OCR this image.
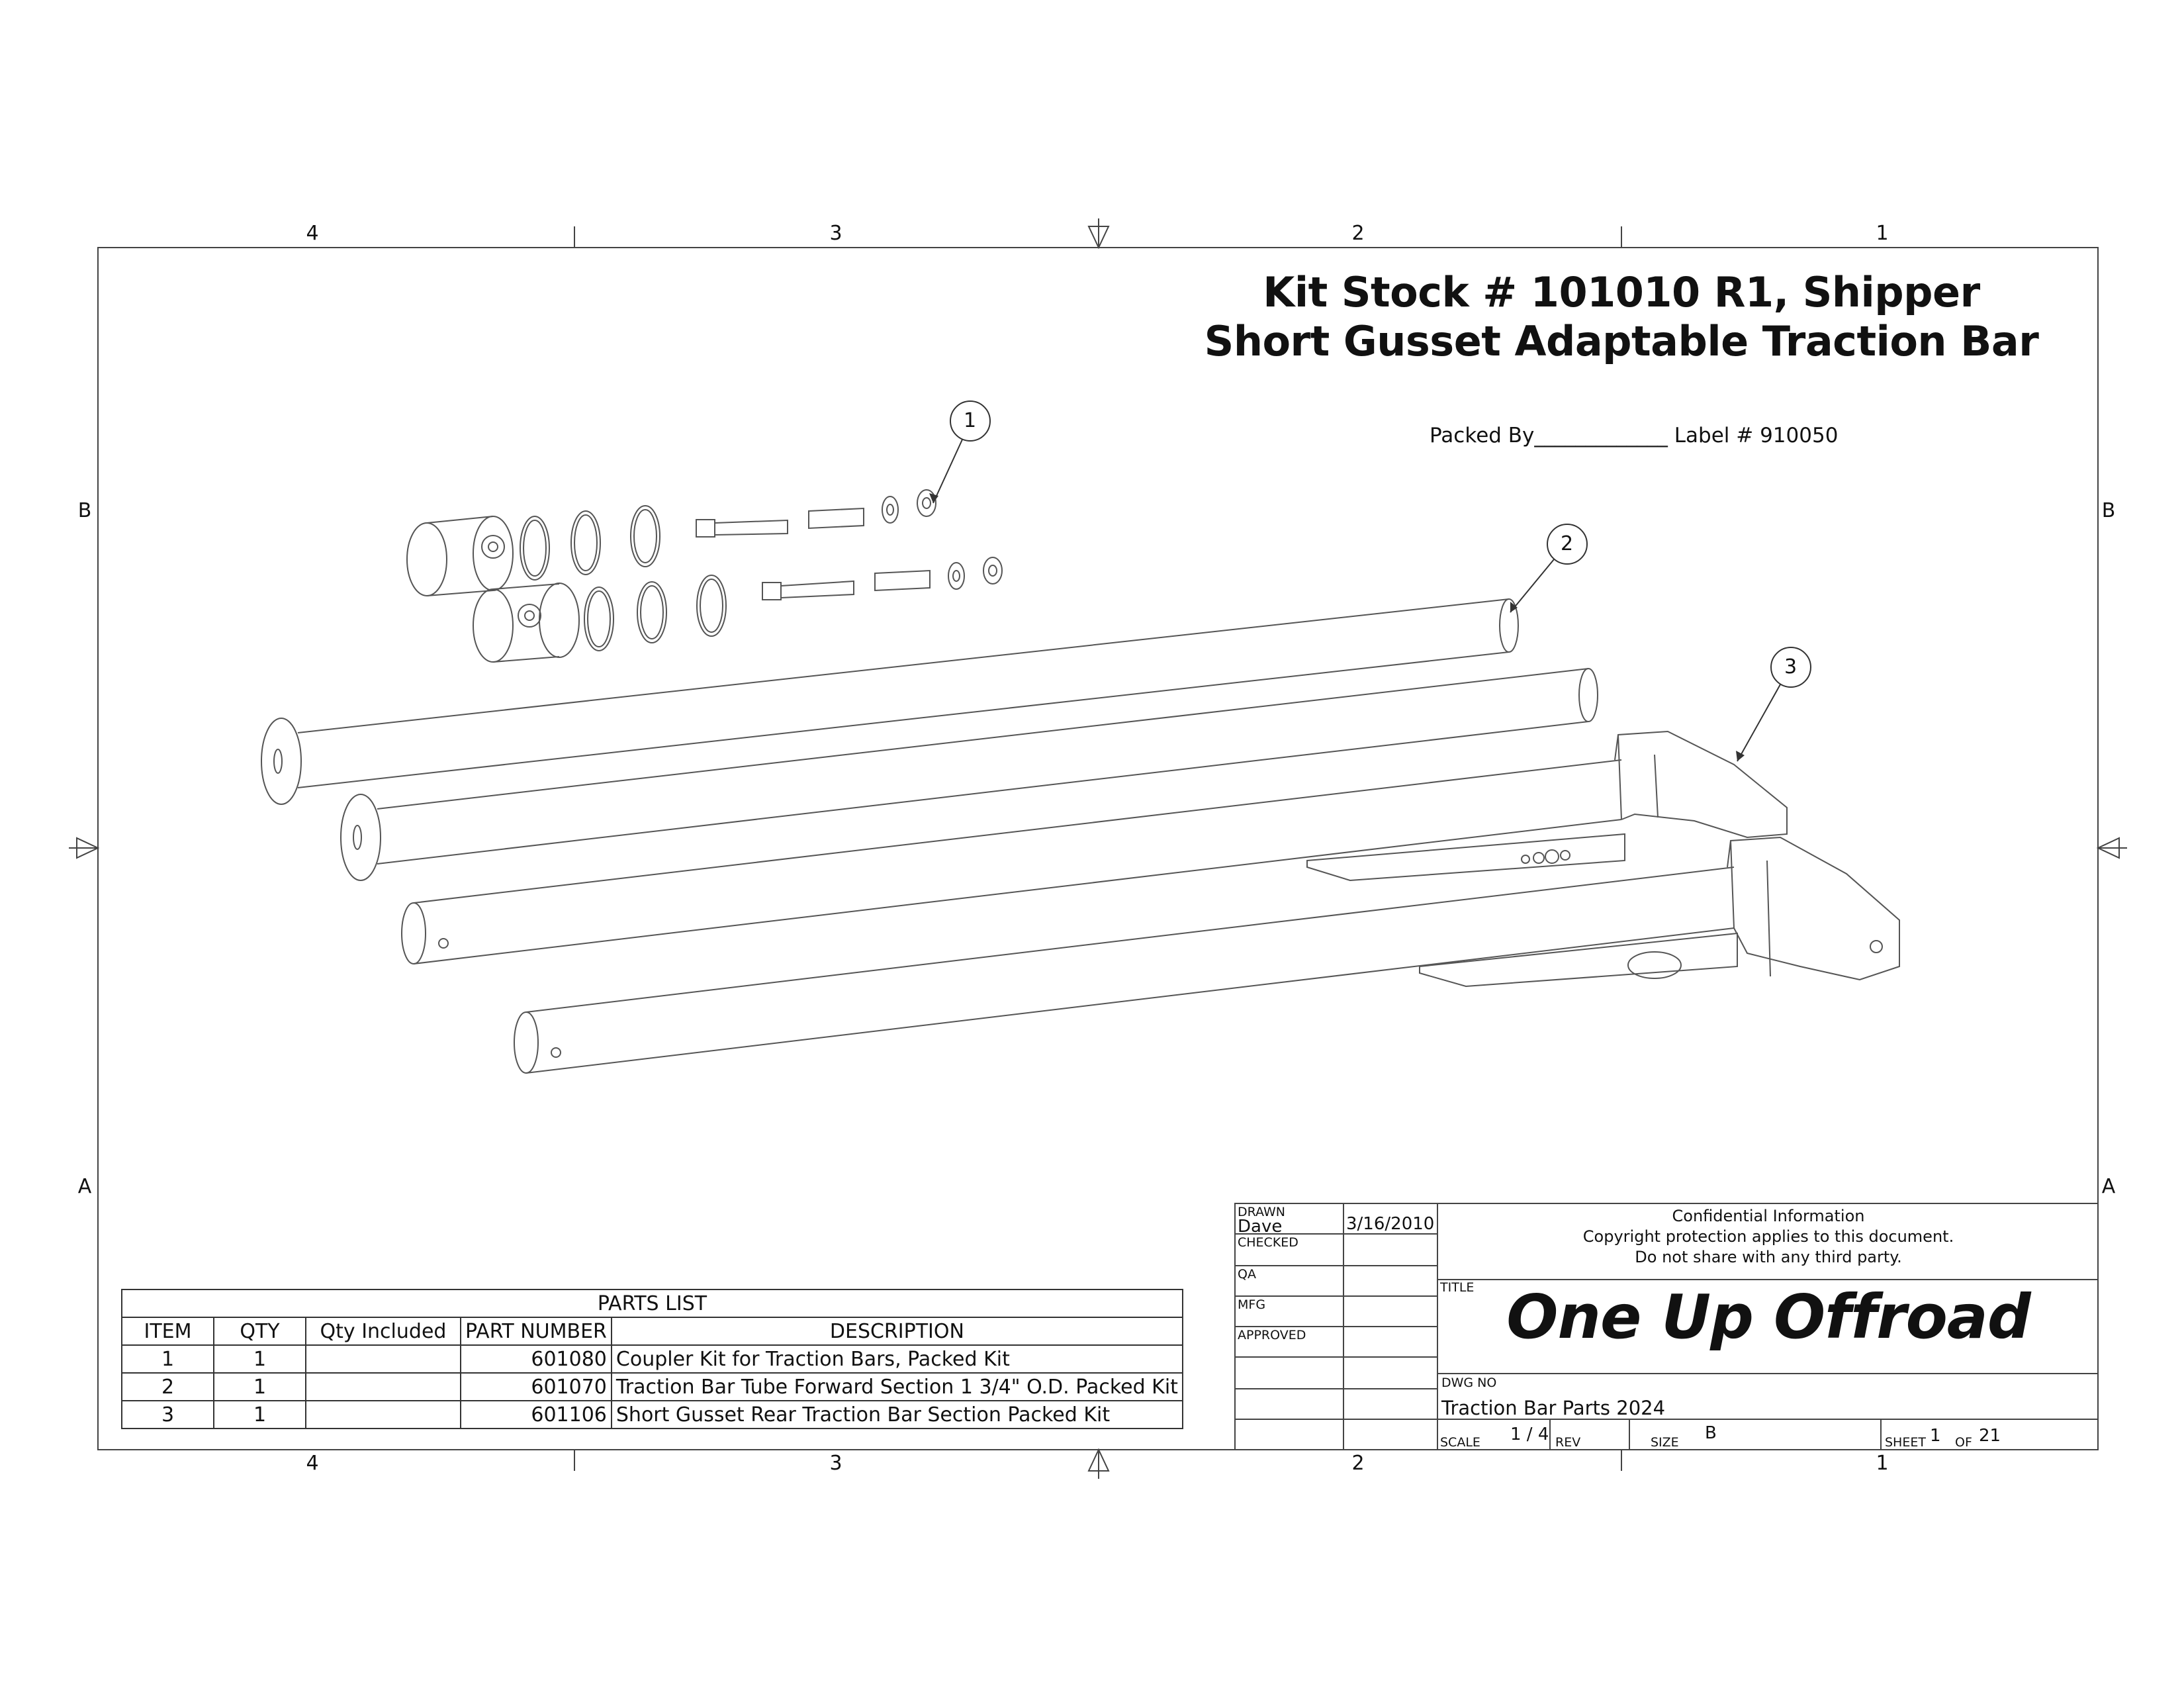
4	3	2	1
4	3	2	1
B	B
A	A
Kit Stock # 101010 R1, Shipper
Short Gusset Adaptable Traction Bar
Packed By_____________ Label # 910050
1
2
3
PARTS LIST				
ITEM	QTY	Qty Included	PART NUMBER	DESCRIPTION
1	1		601080	Coupler Kit for Traction Bars, Packed Kit
2	1		601070	Traction Bar Tube Forward Section 1 3/4" O.D. Packed Kit
3	1		601106	Short Gusset Rear Traction Bar Section Packed Kit
DRAWN
Dave	3/16/2010
CHECKED
QA
MFG
APPROVED
Confidential Information
Copyright protection applies to this document.
Do not share with any third party.
TITLE One Up Offroad
DWG NO
Traction Bar Parts 2024
SCALE 1 / 4 REV	SIZE B	SHEET 1 OF 21
